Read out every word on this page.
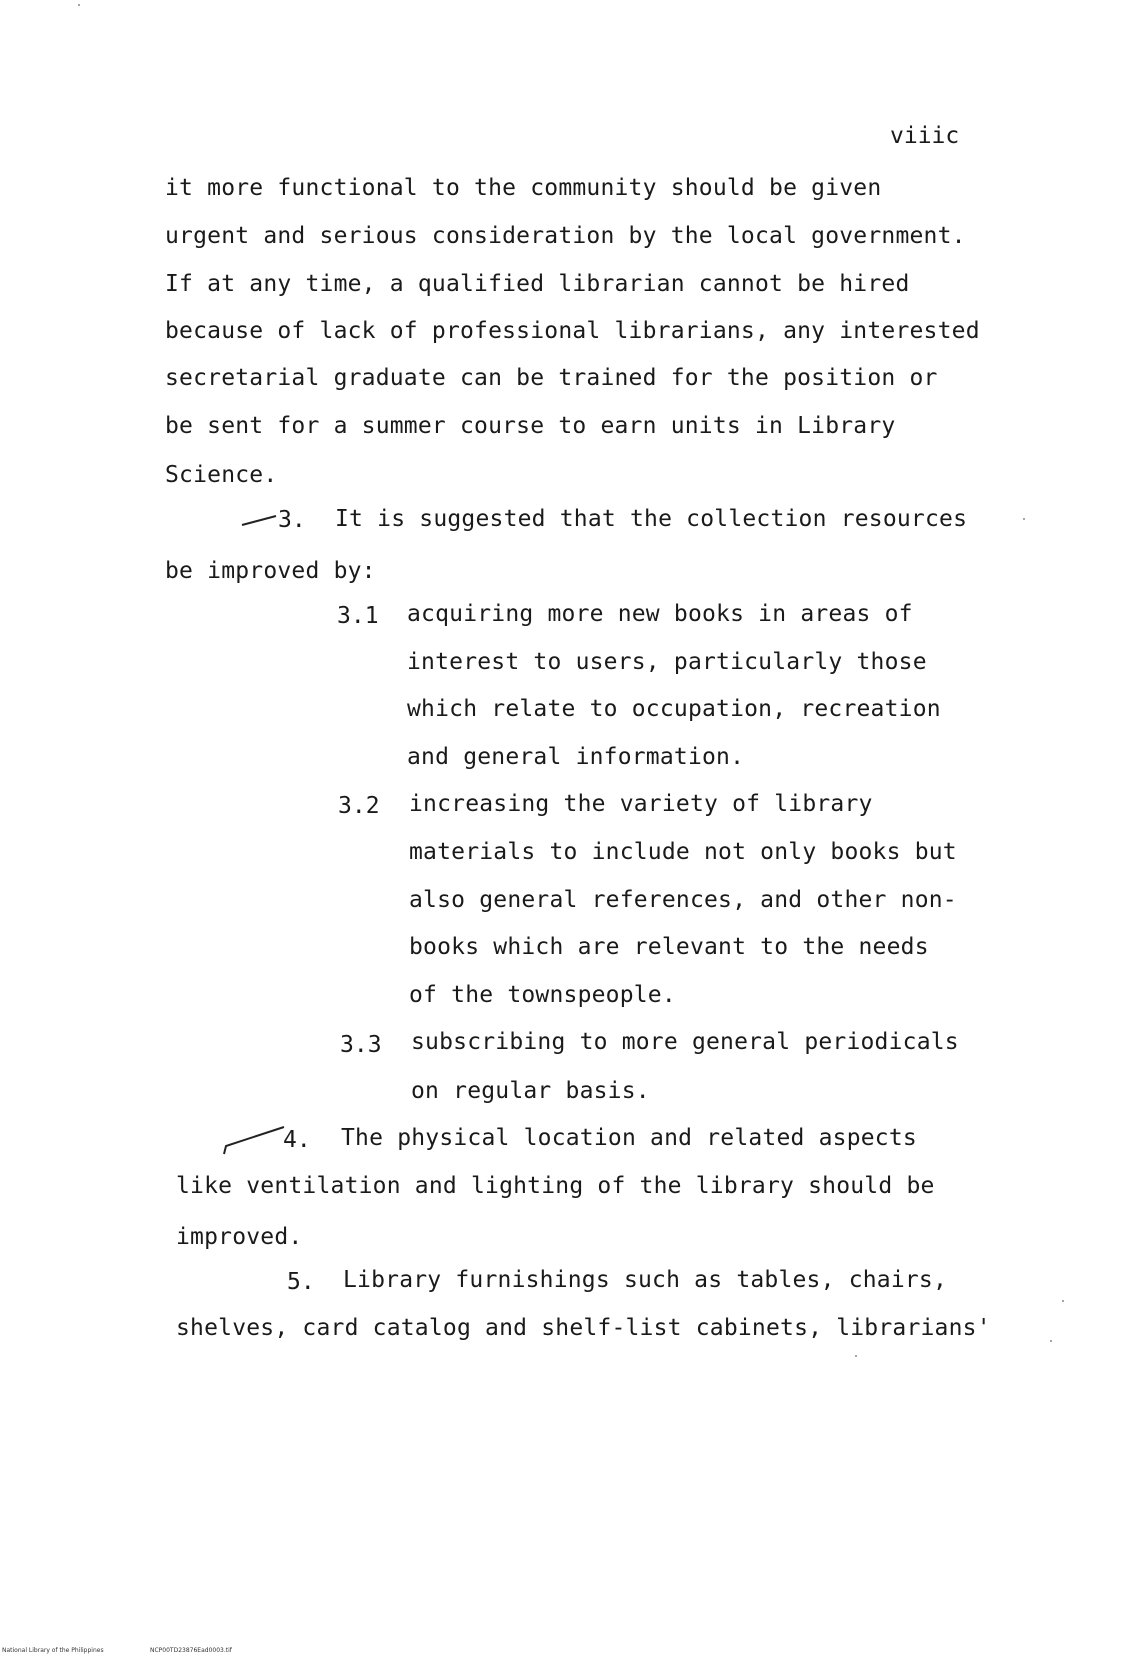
viiic
it more functional to the community should be given
urgent and serious consideration by the local government.
If at any time, a qualified librarian cannot be hired
because of lack of professional librarians, any interested
secretarial graduate can be trained for the position or
be sent for a summer course to earn units in Library
Science.
3. It is suggested that the collection resources
be improved by:
3.1 acquiring more new books in areas of
interest to users, particularly those
which relate to occupation, recreation
and general information.
3.2 increasing the variety of library
materials to include not only books but
also general references, and other non-
books which are relevant to the needs
of the townspeople.
3.3 subscribing to more general periodicals
on regular basis.
4. The physical location and related aspects
like ventilation and lighting of the library should be
improved.
5. Library furnishings such as tables, chairs,
shelves, card catalog and shelf-list cabinets, librarians'
National Library of the Philippines	NCP00TD23876Ead0003.tif
